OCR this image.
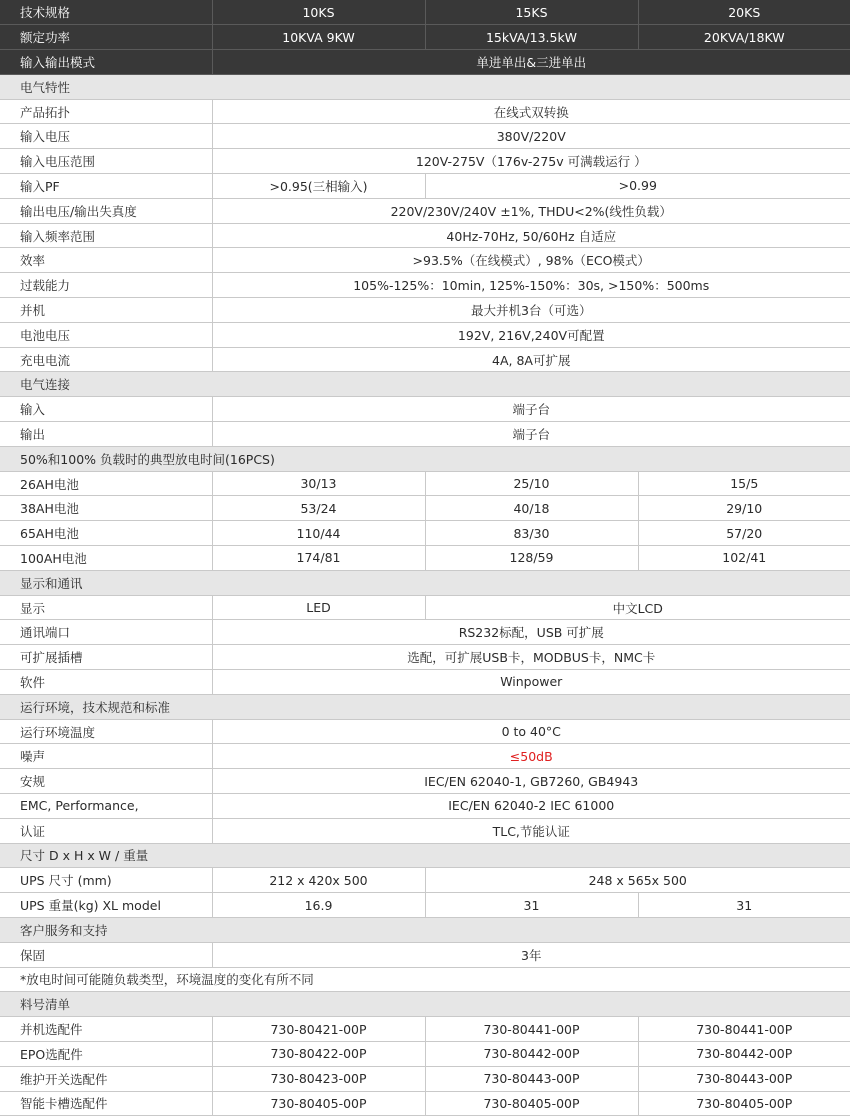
技术规格	10KS	15KS	20KS
额定功率	10KVA 9KW	15kVA/13.5kW	20KVA/18KW
输入输出模式	单进单出&三进单出		
电气特性			
产品拓扑	在线式双转换		
输入电压	380V/220V		
输入电压范围	120V-275V（176v-275v 可满载运行 ）		
输入PF	>0.95(三相输入)	>0.99	
输出电压/输出失真度	220V/230V/240V ±1%, THDU<2%(线性负载）		
输入频率范围	40Hz-70Hz, 50/60Hz 自适应		
效率	>93.5%（在线模式）, 98%（ECO模式）		
过载能力	105%-125%：10min, 125%-150%：30s, >150%：500ms		
并机	最大并机3台（可选）		
电池电压	192V, 216V,240V可配置		
充电电流	4A, 8A可扩展		
电气连接			
输入	端子台		
输出	端子台		
50%和100% 负载时的典型放电时间(16PCS)			
26AH电池	30/13	25/10	15/5
38AH电池	53/24	40/18	29/10
65AH电池	110/44	83/30	57/20
100AH电池	174/81	128/59	102/41
显示和通讯			
显示	LED	中文LCD	
通讯端口	RS232标配，USB 可扩展		
可扩展插槽	选配，可扩展USB卡，MODBUS卡，NMC卡		
软件	Winpower		
运行环境，技术规范和标准			
运行环境温度	0 to 40°C		
噪声	≤50dB		
安规	IEC/EN 62040-1, GB7260, GB4943		
EMC, Performance,	IEC/EN 62040-2 IEC 61000		
认证	TLC,节能认证		
尺寸 D x H x W / 重量			
UPS 尺寸 (mm)	212 x 420x 500	248 x 565x 500	
UPS 重量(kg) XL model	16.9	31	31
客户服务和支持			
保固	3年		
*放电时间可能随负载类型，环境温度的变化有所不同			
料号清单			
并机选配件	730-80421-00P	730-80441-00P	730-80441-00P
EPO选配件	730-80422-00P	730-80442-00P	730-80442-00P
维护开关选配件	730-80423-00P	730-80443-00P	730-80443-00P
智能卡槽选配件	730-80405-00P	730-80405-00P	730-80405-00P
